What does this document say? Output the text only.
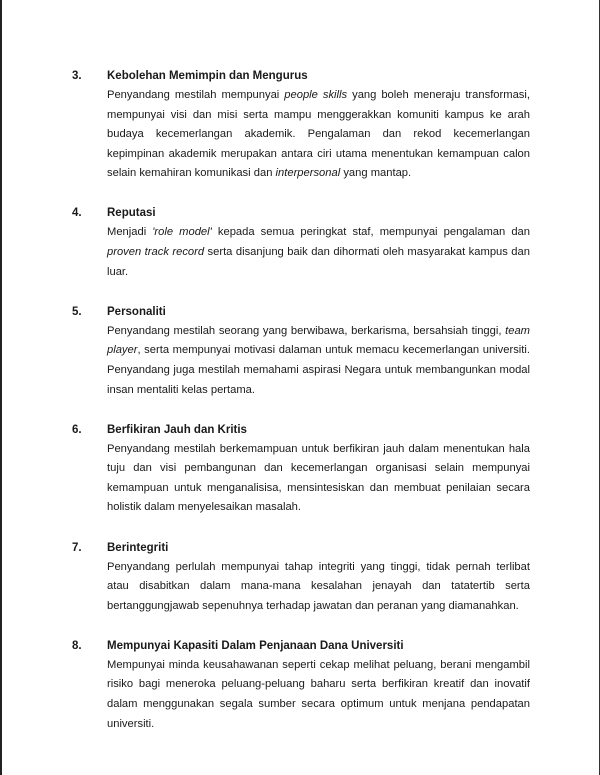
3. Kebolehan Memimpin dan Mengurus
Penyandang mestilah mempunyai people skills yang boleh meneraju transformasi, mempunyai visi dan misi serta mampu menggerakkan komuniti kampus ke arah budaya kecemerlangan akademik. Pengalaman dan rekod kecemerlangan kepimpinan akademik merupakan antara ciri utama menentukan kemampuan calon selain kemahiran komunikasi dan interpersonal yang mantap.
4. Reputasi
Menjadi 'role model' kepada semua peringkat staf, mempunyai pengalaman dan proven track record serta disanjung baik dan dihormati oleh masyarakat kampus dan luar.
5. Personaliti
Penyandang mestilah seorang yang berwibawa, berkarisma, bersahsiah tinggi, team player, serta mempunyai motivasi dalaman untuk memacu kecemerlangan universiti. Penyandang juga mestilah memahami aspirasi Negara untuk membangunkan modal insan mentaliti kelas pertama.
6. Berfikiran Jauh dan Kritis
Penyandang mestilah berkemampuan untuk berfikiran jauh dalam menentukan hala tuju dan visi pembangunan dan kecemerlangan organisasi selain mempunyai kemampuan untuk menganalisisa, mensintesiskan dan membuat penilaian secara holistik dalam menyelesaikan masalah.
7. Berintegriti
Penyandang perlulah mempunyai tahap integriti yang tinggi, tidak pernah terlibat atau disabitkan dalam mana-mana kesalahan jenayah dan tatatertib serta bertanggungjawab sepenuhnya terhadap jawatan dan peranan yang diamanahkan.
8. Mempunyai Kapasiti Dalam Penjanaan Dana Universiti
Mempunyai minda keusahawanan seperti cekap melihat peluang, berani mengambil risiko bagi meneroka peluang-peluang baharu serta berfikiran kreatif dan inovatif dalam menggunakan segala sumber secara optimum untuk menjana pendapatan universiti.
